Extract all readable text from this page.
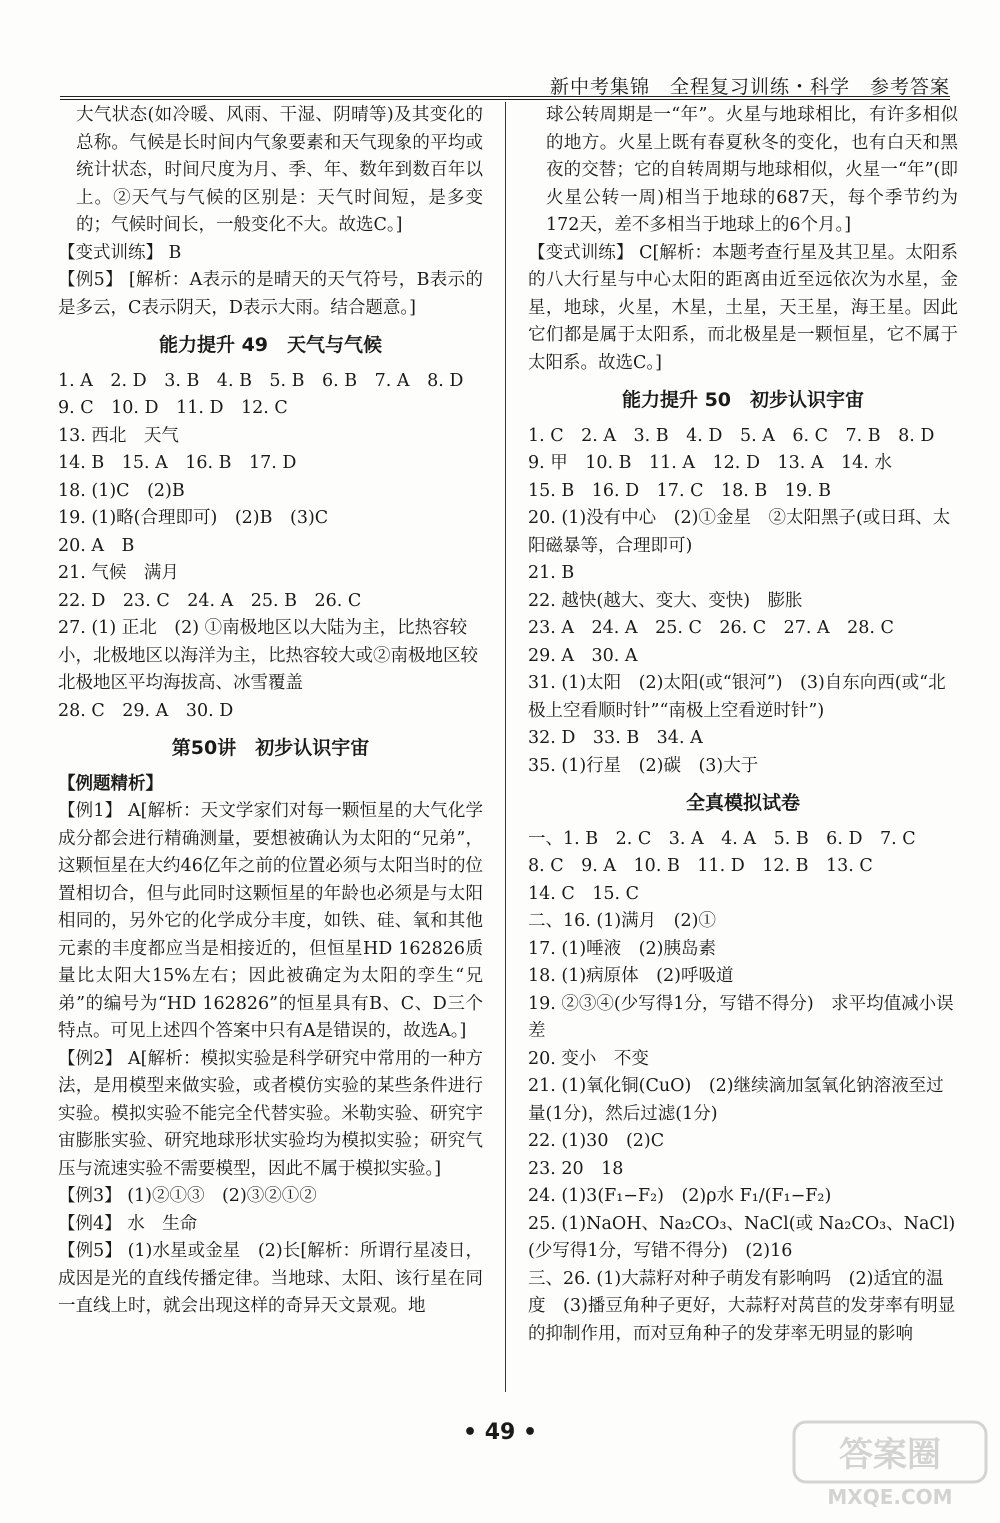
新中考集锦　全程复习训练・科学　参考答案
大气状态(如冷暖、风雨、干湿、阴晴等)及其变化的总称。气候是长时间内气象要素和天气现象的平均或统计状态，时间尺度为月、季、年、数年到数百年以上。②天气与气候的区别是：天气时间短，是多变的；气候时间长，一般变化不大。故选C。]
【变式训练】 B
【例5】 [解析：A表示的是晴天的天气符号，B表示的是多云，C表示阴天，D表示大雨。结合题意。]
能力提升 49　天气与气候
1. A　2. D　3. B　4. B　5. B　6. B　7. A　8. D
9. C　10. D　11. D　12. C
13. 西北　天气
14. B　15. A　16. B　17. D
18. (1)C　(2)B
19. (1)略(合理即可)　(2)B　(3)C
20. A　B
21. 气候　满月
22. D　23. C　24. A　25. B　26. C
27. (1) 正北　(2) ①南极地区以大陆为主，比热容较小，北极地区以海洋为主，比热容较大或②南极地区较北极地区平均海拔高、冰雪覆盖
28. C　29. A　30. D
第50讲　初步认识宇宙
【例题精析】
【例1】 A[解析：天文学家们对每一颗恒星的大气化学成分都会进行精确测量，要想被确认为太阳的“兄弟”，这颗恒星在大约46亿年之前的位置必须与太阳当时的位置相切合，但与此同时这颗恒星的年龄也必须是与太阳相同的，另外它的化学成分丰度，如铁、硅、氧和其他元素的丰度都应当是相接近的，但恒星HD 162826质量比太阳大15%左右；因此被确定为太阳的孪生“兄弟”的编号为“HD 162826”的恒星具有B、C、D三个特点。可见上述四个答案中只有A是错误的，故选A。]
【例2】 A[解析：模拟实验是科学研究中常用的一种方法，是用模型来做实验，或者模仿实验的某些条件进行实验。模拟实验不能完全代替实验。米勒实验、研究宇宙膨胀实验、研究地球形状实验均为模拟实验；研究气压与流速实验不需要模型，因此不属于模拟实验。]
【例3】 (1)②①③　(2)③②①②
【例4】 水　生命
【例5】 (1)水星或金星　(2)长[解析：所谓行星凌日，成因是光的直线传播定律。当地球、太阳、该行星在同一直线上时，就会出现这样的奇异天文景观。地
球公转周期是一“年”。火星与地球相比，有许多相似的地方。火星上既有春夏秋冬的变化，也有白天和黑夜的交替；它的自转周期与地球相似，火星一“年”(即火星公转一周)相当于地球的687天，每个季节约为172天，差不多相当于地球上的6个月。]
【变式训练】 C[解析：本题考查行星及其卫星。太阳系的八大行星与中心太阳的距离由近至远依次为水星，金星，地球，火星，木星，土星，天王星，海王星。因此它们都是属于太阳系，而北极星是一颗恒星，它不属于太阳系。故选C。]
能力提升 50　初步认识宇宙
1. C　2. A　3. B　4. D　5. A　6. C　7. B　8. D
9. 甲　10. B　11. A　12. D　13. A　14. 水
15. B　16. D　17. C　18. B　19. B
20. (1)没有中心　(2)①金星　②太阳黑子(或日珥、太阳磁暴等，合理即可)
21. B
22. 越快(越大、变大、变快)　膨胀
23. A　24. A　25. C　26. C　27. A　28. C
29. A　30. A
31. (1)太阳　(2)太阳(或“银河”)　(3)自东向西(或“北极上空看顺时针”“南极上空看逆时针”)
32. D　33. B　34. A
35. (1)行星　(2)碳　(3)大于
全真模拟试卷
一、1. B　2. C　3. A　4. A　5. B　6. D　7. C
8. C　9. A　10. B　11. D　12. B　13. C
14. C　15. C
二、16. (1)满月　(2)①
17. (1)唾液　(2)胰岛素
18. (1)病原体　(2)呼吸道
19. ②③④(少写得1分，写错不得分)　求平均值减小误差
20. 变小　不变
21. (1)氧化铜(CuO)　(2)继续滴加氢氧化钠溶液至过量(1分)，然后过滤(1分)
22. (1)30　(2)C
23. 20　18
24. (1)3(F₁−F₂)　(2)ρ水 F₁/(F₁−F₂)
25. (1)NaOH、Na₂CO₃、NaCl(或 Na₂CO₃、NaCl)(少写得1分，写错不得分)　(2)16
三、26. (1)大蒜籽对种子萌发有影响吗　(2)适宜的温度　(3)播豆角种子更好，大蒜籽对莴苣的发芽率有明显的抑制作用，而对豆角种子的发芽率无明显的影响
• 49 •
答案圈
MXQE.COM
